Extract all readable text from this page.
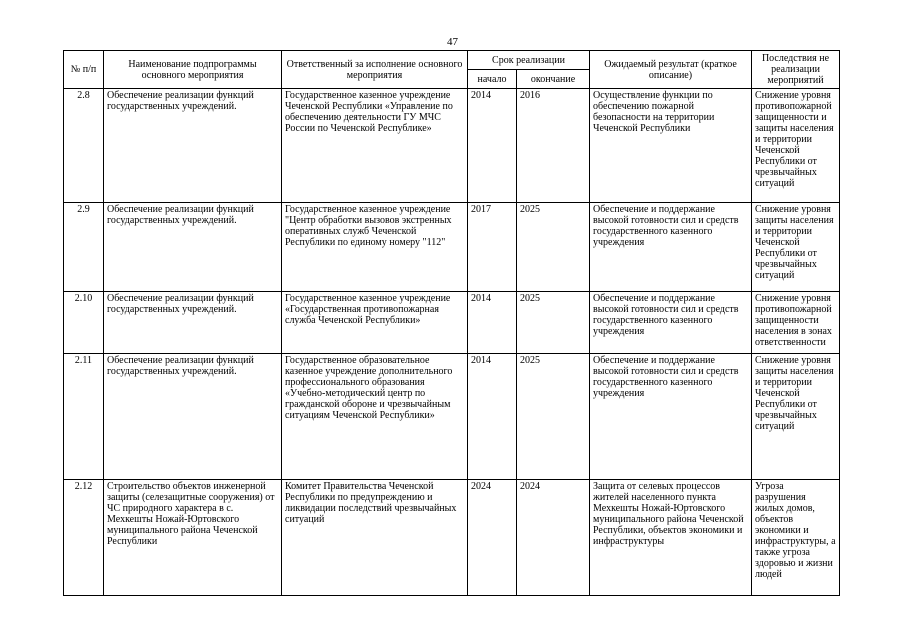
47
№ п/п	Наименование подпрограммы основного мероприятия	Ответственный за исполнение основного мероприятия	Срок реализации		Ожидаемый результат (краткое описание)	Последствия не реализации мероприятий
			начало	окончание		
2.8	Обеспечение реализации функций государственных учреждений.	Государственное казенное учреждение Чеченской Республики «Управление по обеспечению деятельности ГУ МЧС России по Чеченской Республике»	2014	2016	Осуществление функции по обеспечению пожарной безопасности на территории Чеченской Республики	Снижение уровня противопожарной защищенности и защиты населения и территории Чеченской Республики от чрезвычайных ситуаций
2.9	Обеспечение реализации функций государственных учреждений.	Государственное казенное учреждение "Центр обработки вызовов экстренных оперативных служб Чеченской Республики по единому номеру "112"	2017	2025	Обеспечение и поддержание высокой готовности сил и средств государственного казенного учреждения	Снижение уровня защиты населения и территории Чеченской Республики от чрезвычайных ситуаций
2.10	Обеспечение реализации функций государственных учреждений.	Государственное казенное учреждение «Государственная противопожарная служба Чеченской Республики»	2014	2025	Обеспечение и поддержание высокой готовности сил и средств государственного казенного учреждения	Снижение уровня противопожарной защищенности населения в зонах ответственности
2.11	Обеспечение реализации функций государственных учреждений.	Государственное образовательное казенное учреждение дополнительного профессионального образования «Учебно-методический центр по гражданской обороне и чрезвычайным ситуациям Чеченской Республики»	2014	2025	Обеспечение и поддержание высокой готовности сил и средств государственного казенного учреждения	Снижение уровня защиты населения и территории Чеченской Республики от чрезвычайных ситуаций
2.12	Строительство объектов инженерной защиты (селезащитные сооружения) от ЧС природного характера в с. Мехкешты Ножай-Юртовского муниципального района Чеченской Республики	Комитет Правительства Чеченской Республики по предупреждению и ликвидации последствий чрезвычайных ситуаций	2024	2024	Защита от селевых процессов жителей населенного пункта Мехкешты Ножай-Юртовского муниципального района Чеченской Республики, объектов экономики и инфраструктуры	Угроза разрушения жилых домов, объектов экономики и инфраструктуры, а также угроза здоровью и жизни людей
